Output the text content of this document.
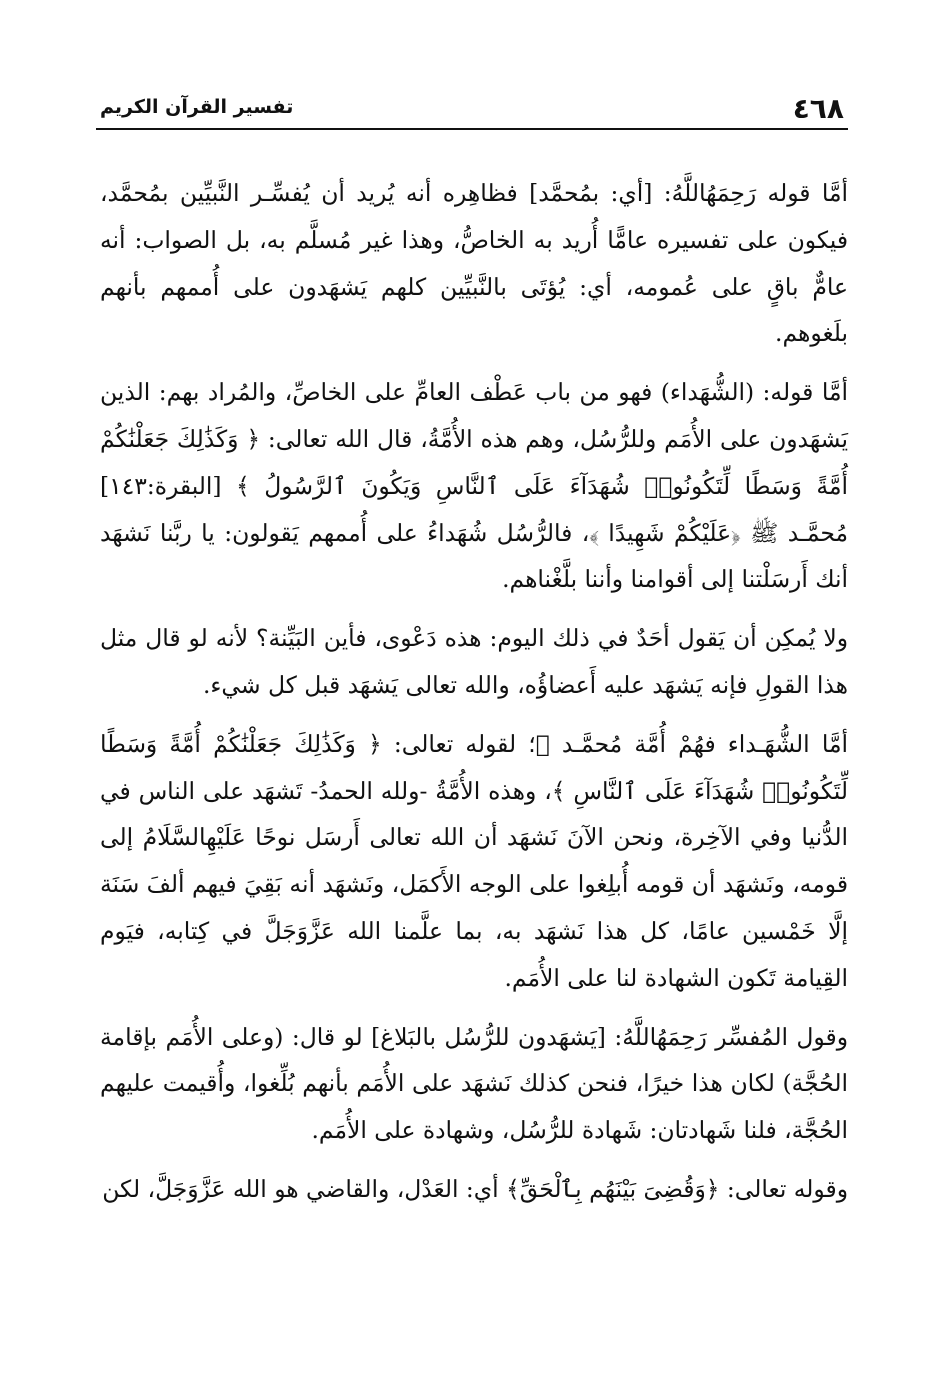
٤٦٨
تفسير القرآن الكريم

أمَّا قوله رَحِمَهُاللَّهُ: [أي: بمُحمَّد] فظاهِره أنه يُريد أن يُفسِّـر النَّبيِّين بمُحمَّد، فيكون على تفسيره عامًّا أُريد به الخاصُّ، وهذا غير مُسلَّم به، بل الصواب: أنه عامٌّ باقٍ على عُمومه، أي: يُؤتَى بالنَّبيِّين كلهم يَشهَدون على أُممهم بأنهم بلَغوهم.

أمَّا قوله: (الشُّهَداء) فهو من باب عَطْف العامِّ على الخاصِّ، والمُراد بهم: الذين يَشهَدون على الأُمَم وللرُّسُل، وهم هذه الأُمَّةُ، قال الله تعالى: ﴿ وَكَذَٰلِكَ جَعَلْنَٰكُمْ أُمَّةً وَسَطًا لِّتَكُونُوا۟ شُهَدَآءَ عَلَى ٱلنَّاسِ وَيَكُونَ ٱلرَّسُولُ ﴾ [البقرة:١٤٣] مُحمَّـد ﷺ ﴿عَلَيْكُمْ شَهِيدًا ﴾، فالرُّسُل شُهَداءُ على أُممهم يَقولون: يا ربَّنا نَشهَد أنك أَرسَلْتنا إلى أقوامنا وأننا بلَّغْناهم.

ولا يُمكِن أن يَقول أحَدٌ في ذلك اليوم: هذه دَعْوى، فأين البَيِّنة؟ لأنه لو قال مثل هذا القولِ فإنه يَشهَد عليه أَعضاؤُه، والله تعالى يَشهَد قبل كل شيء.

أمَّا الشُّهَـداء فهُمْ أُمَّة مُحمَّـد ﷺ؛ لقوله تعالى: ﴿ وَكَذَٰلِكَ جَعَلْنَٰكُمْ أُمَّةً وَسَطًا لِّتَكُونُوا۟ شُهَدَآءَ عَلَى ٱلنَّاسِ ﴾، وهذه الأُمَّةُ -ولله الحمدُ- تَشهَد على الناس في الدُّنيا وفي الآخِرة، ونحن الآنَ نَشهَد أن الله تعالى أَرسَل نوحًا عَلَيْهِالسَّلَامُ إلى قومه، ونَشهَد أن قومه أُبلِغوا على الوجه الأَكمَل، ونَشهَد أنه بَقِيَ فيهم ألفَ سَنَة إلَّا خَمْسين عامًا، كل هذا نَشهَد به، بما علَّمنا الله عَزَّوَجَلَّ في كِتابه، فيَوم القِيامة تَكون الشهادة لنا على الأُمَم.

وقول المُفسِّر رَحِمَهُاللَّهُ: [يَشهَدون للرُّسُل بالبَلاغ] لو قال: (وعلى الأُمَم بإقامة الحُجَّة) لكان هذا خيرًا، فنحن كذلك نَشهَد على الأُمَم بأنهم بُلِّغوا، وأُقيمت عليهم الحُجَّة، فلنا شَهادتان: شَهادة للرُّسُل، وشهادة على الأُمَم.

وقوله تعالى: ﴿وَقُضِىَ بَيْنَهُم بِٱلْحَقِّ﴾ أي: العَدْل، والقاضي هو الله عَزَّوَجَلَّ، لكن
